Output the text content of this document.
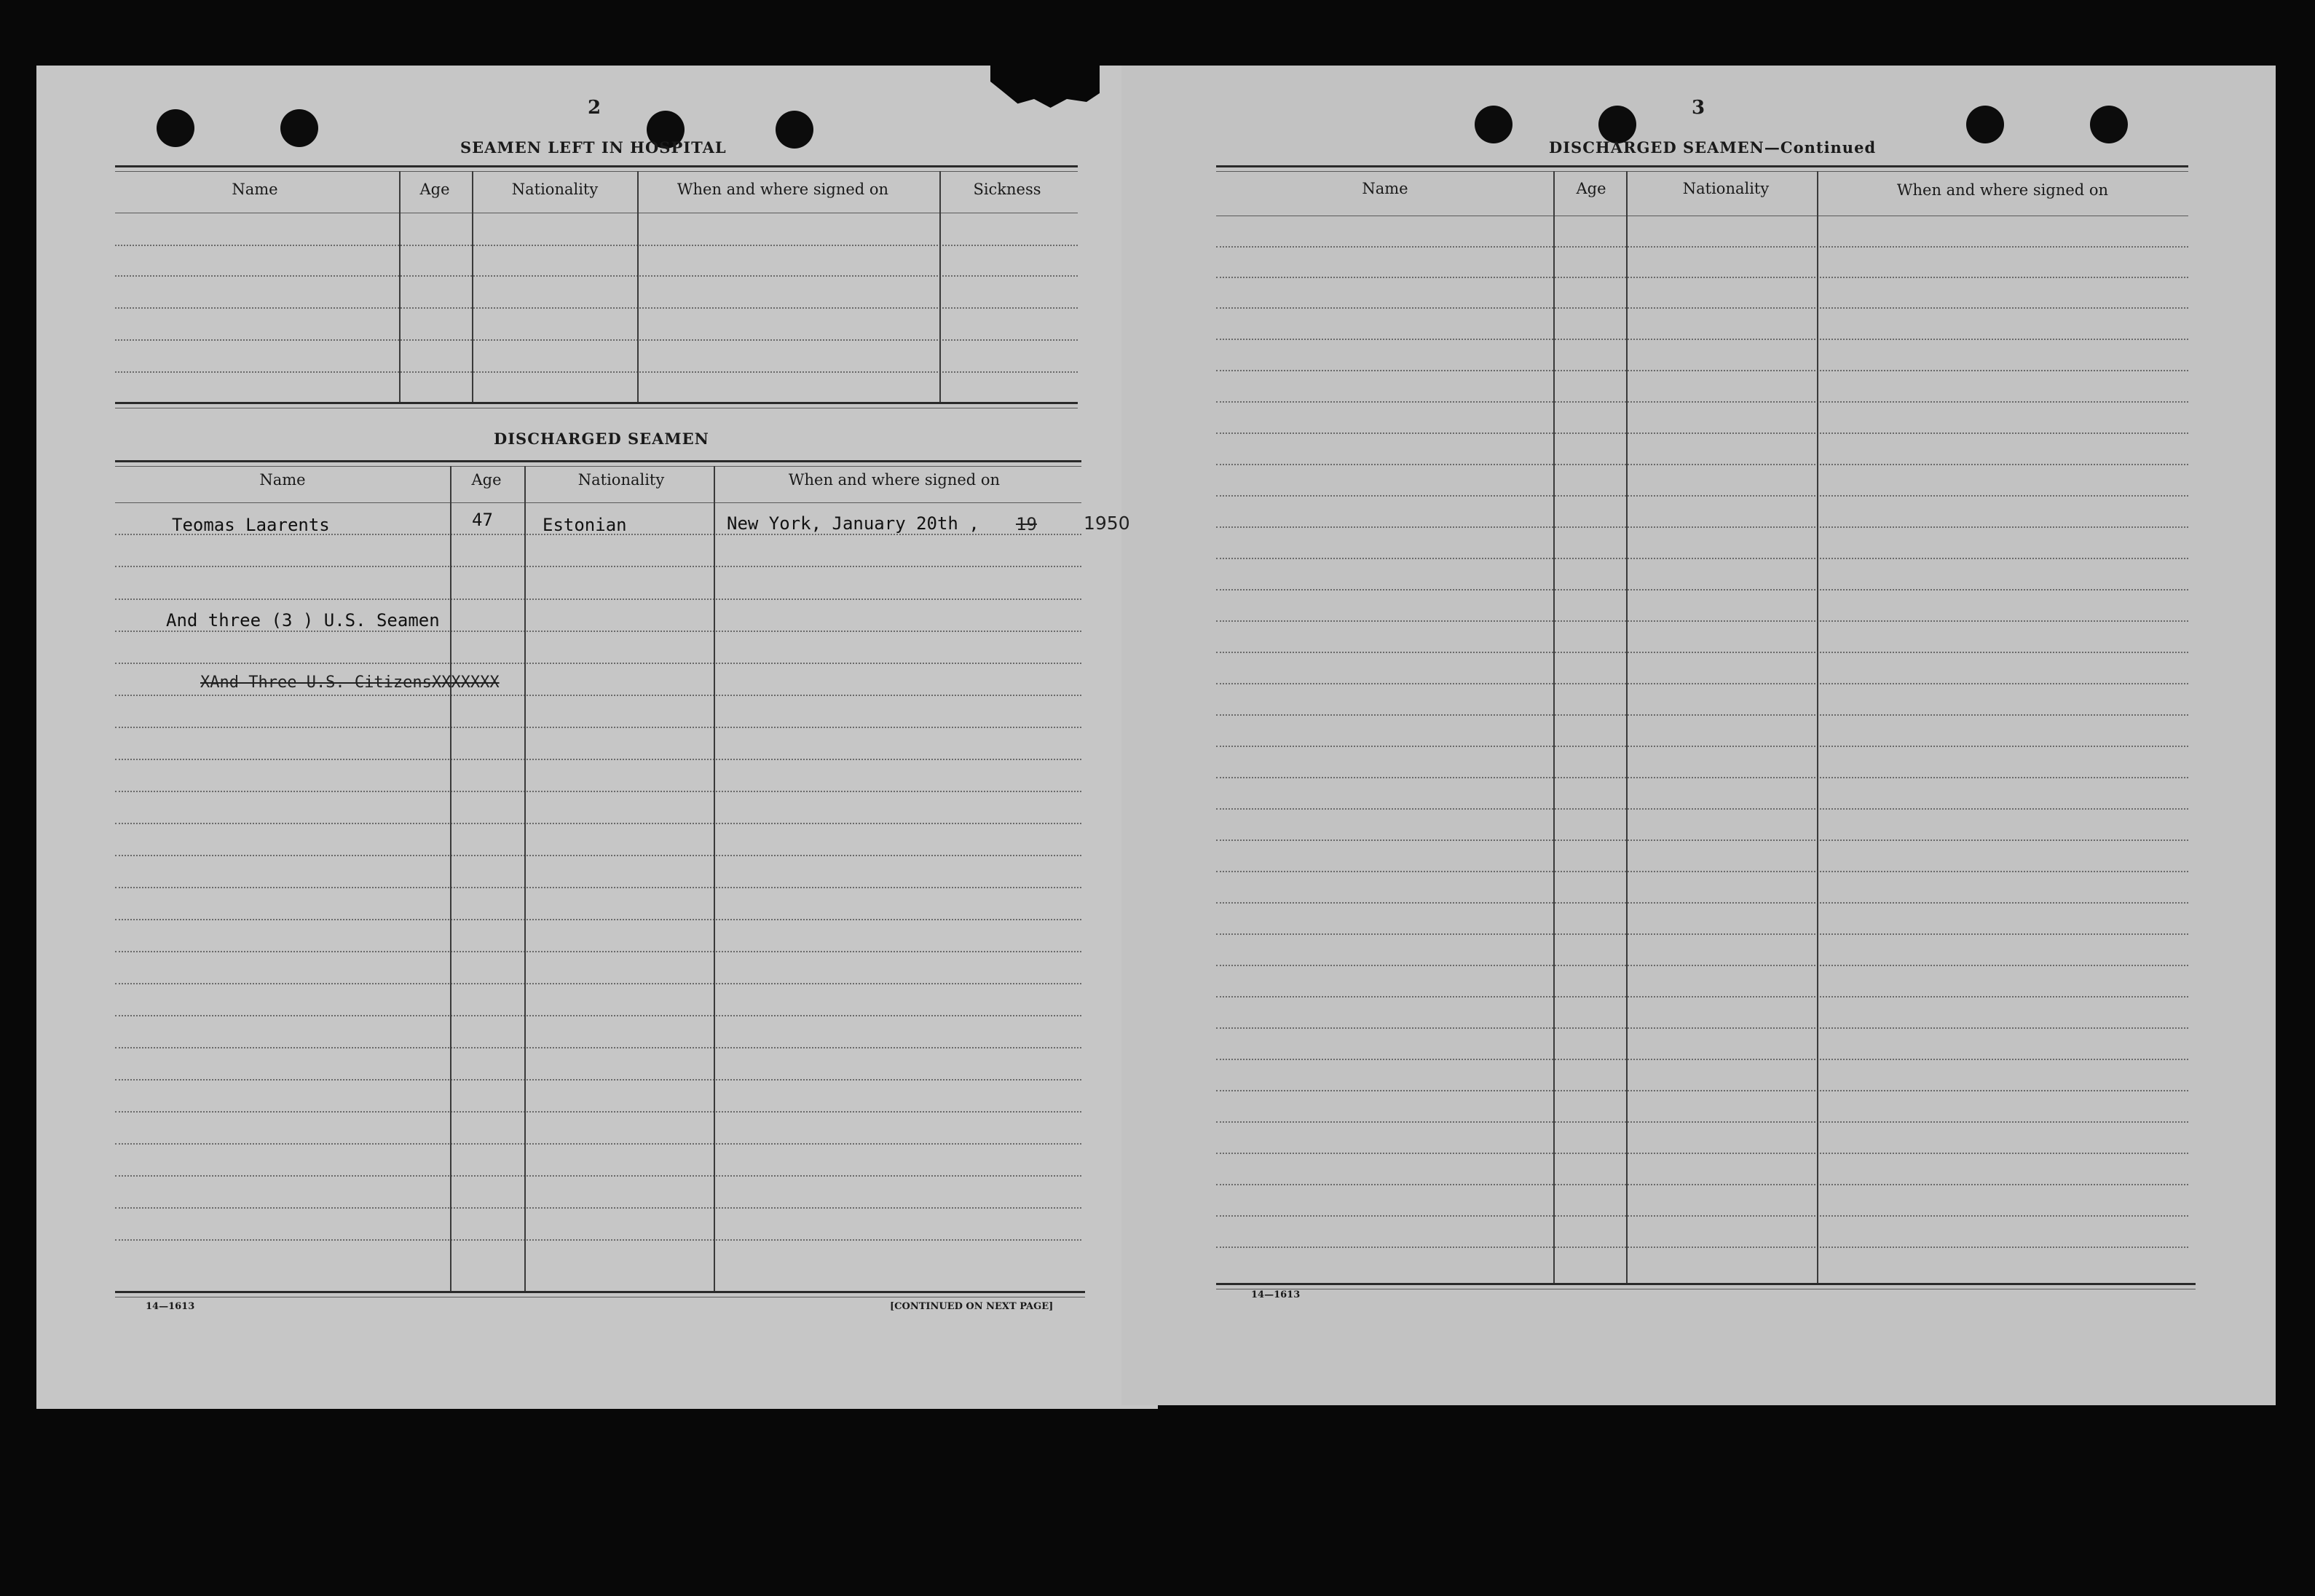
2
SEAMEN LEFT IN HOSPITAL
Name	Age	Nationality	When and where signed on	Sickness
DISCHARGED SEAMEN
Name	Age	Nationality	When and where signed on
Teomas Laarents	47	Estonian	New York, January 20th , 19	1950
And three (3 ) U.S. Seamen
XAnd Three U.S. CitizensXXXXXXX
14—1613	[CONTINUED ON NEXT PAGE]
3
DISCHARGED SEAMEN—Continued
Name	Age	Nationality	When and where signed on
14—1613
